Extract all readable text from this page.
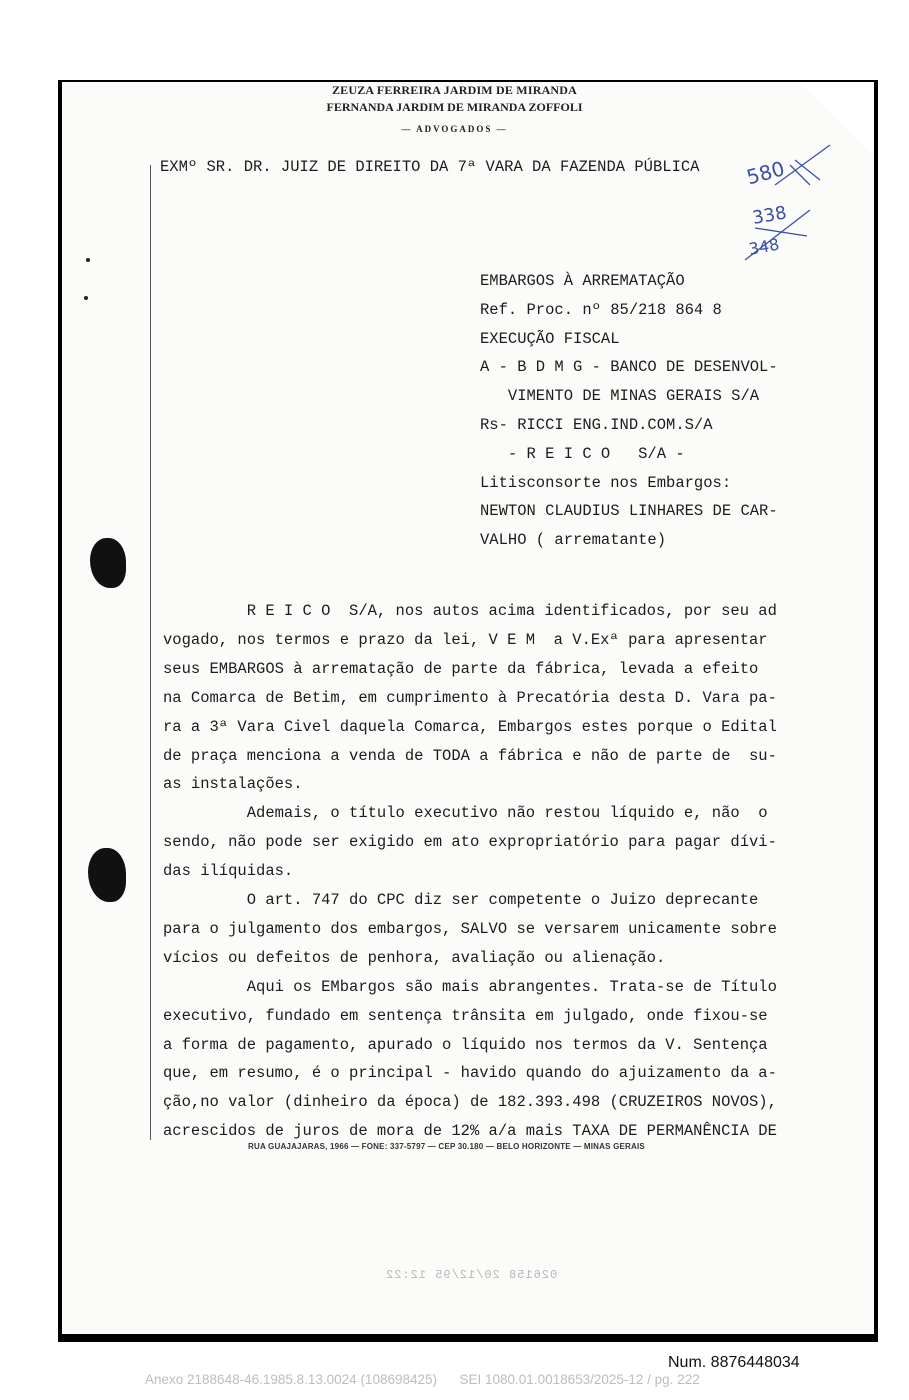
ZEUZA FERREIRA JARDIM DE MIRANDA
FERNANDA JARDIM DE MIRANDA ZOFFOLI
— ADVOGADOS —
EXMº SR. DR. JUIZ DE DIREITO DA 7ª VARA DA FAZENDA PÚBLICA 580
338
348
EMBARGOS À ARREMATAÇÃO
Ref. Proc. nº 85/218 864 8
EXECUÇÃO FISCAL
A - B D M G - BANCO DE DESENVOL-
VIMENTO DE MINAS GERAIS S/A
Rs- RICCI ENG.IND.COM.S/A
- R E I C O   S/A -
Litisconsorte nos Embargos:
NEWTON CLAUDIUS LINHARES DE CAR-
VALHO ( arrematante)
R E I C O  S/A, nos autos acima identificados, por seu ad
vogado, nos termos e prazo da lei, V E M  a V.Exª para apresentar
seus EMBARGOS à arrematação de parte da fábrica, levada a efeito
na Comarca de Betim, em cumprimento à Precatória desta D. Vara pa-
ra a 3ª Vara Civel daquela Comarca, Embargos estes porque o Edital
de praça menciona a venda de TODA a fábrica e não de parte de  su-
as instalações.
Ademais, o título executivo não restou líquido e, não  o
sendo, não pode ser exigido em ato expropriatório para pagar dívi-
das ilíquidas.
O art. 747 do CPC diz ser competente o Juizo deprecante
para o julgamento dos embargos, SALVO se versarem unicamente sobre
vícios ou defeitos de penhora, avaliação ou alienação.
Aqui os EMbargos são mais abrangentes. Trata-se de Título
executivo, fundado em sentença trânsita em julgado, onde fixou-se
a forma de pagamento, apurado o líquido nos termos da V. Sentença
que, em resumo, é o principal - havido quando do ajuizamento da a-
ção,no valor (dinheiro da época) de 182.393.498 (CRUZEIROS NOVOS),
acrescidos de juros de mora de 12% a/a mais TAXA DE PERMANÊNCIA DE
RUA GUAJAJARAS, 1966 — FONE: 337-5797 — CEP 30.180 — BELO HORIZONTE — MINAS GERAIS
026158 20/12/95 12:22
Num. 8876448034
Anexo 2188648-46.1985.8.13.0024 (108698425)      SEI 1080.01.0018653/2025-12 / pg. 222
